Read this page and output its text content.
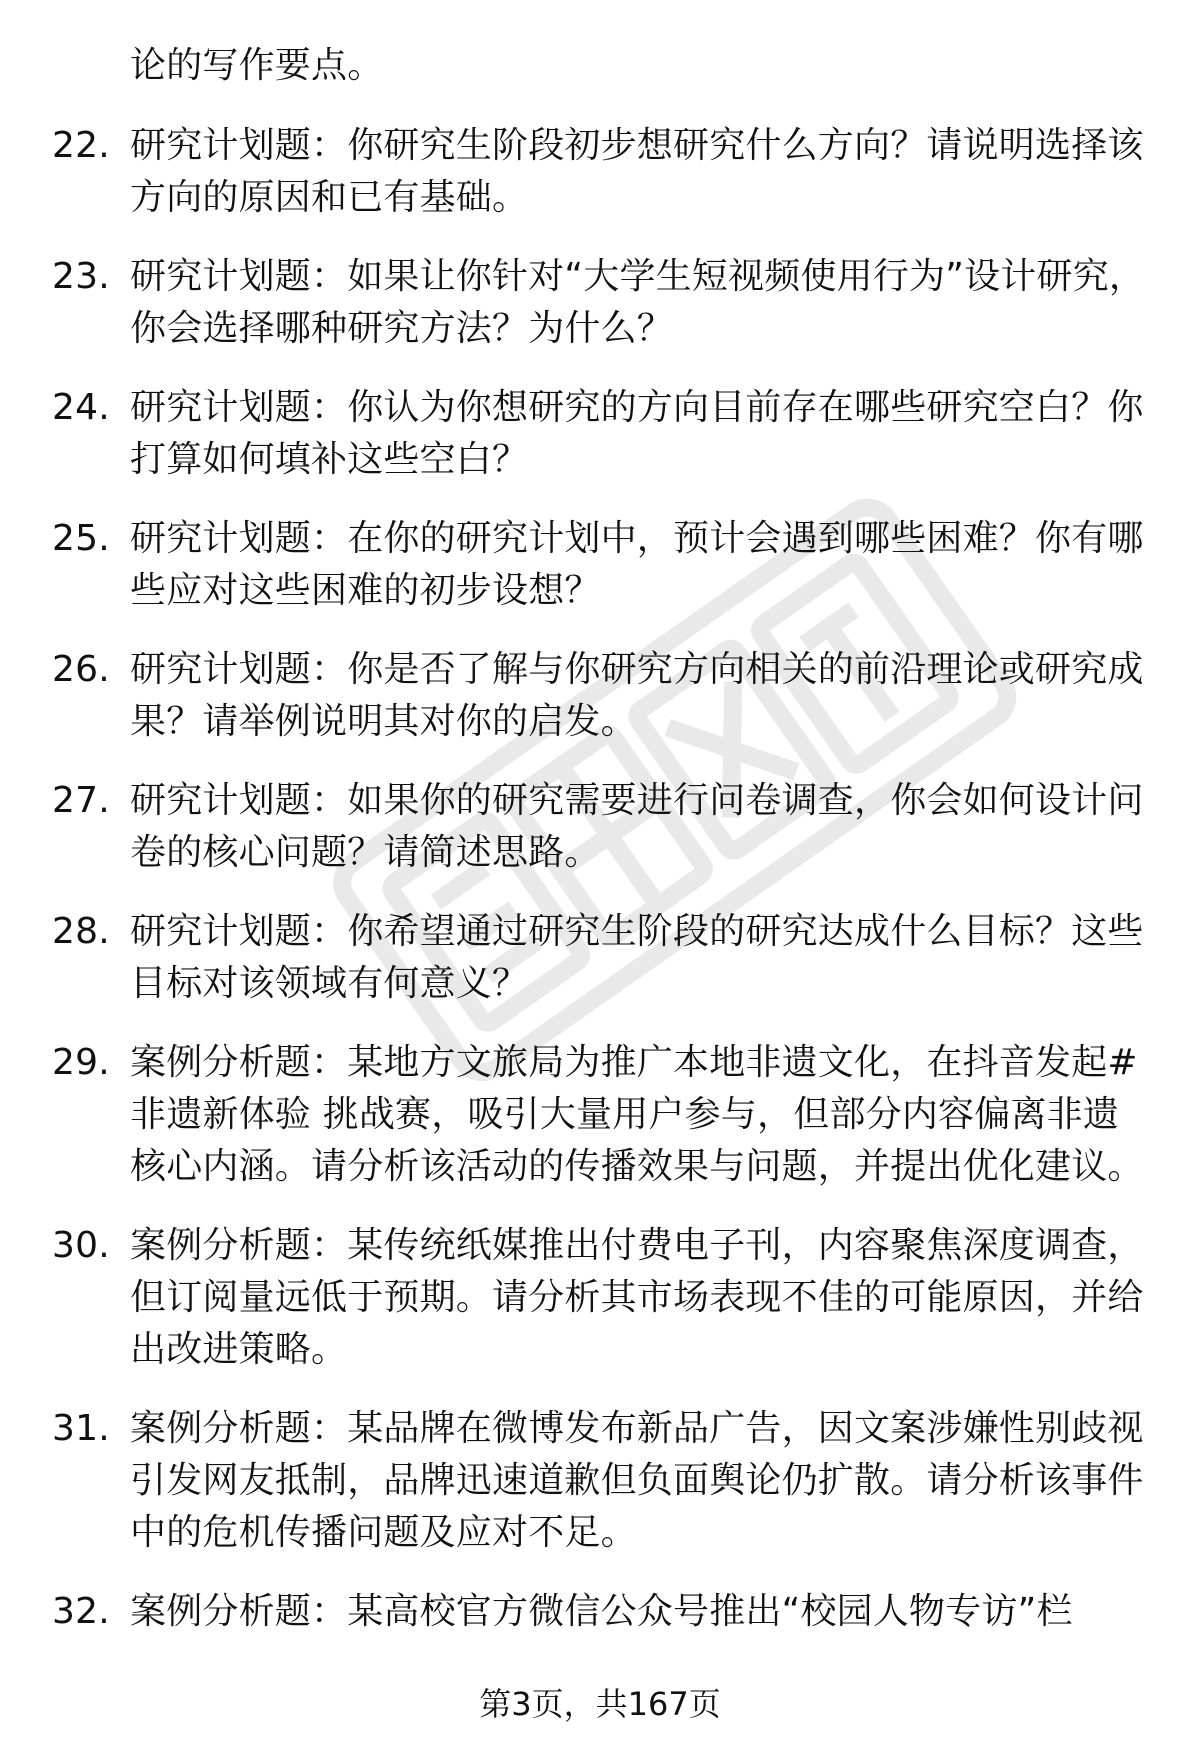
论的写作要点。
22. 研究计划题：你研究生阶段初步想研究什么方向？请说明选择该方向的原因和已有基础。
23. 研究计划题：如果让你针对“大学生短视频使用行为”设计研究，你会选择哪种研究方法？为什么？
24. 研究计划题：你认为你想研究的方向目前存在哪些研究空白？你打算如何填补这些空白？
25. 研究计划题：在你的研究计划中，预计会遇到哪些困难？你有哪些应对这些困难的初步设想？
26. 研究计划题：你是否了解与你研究方向相关的前沿理论或研究成果？请举例说明其对你的启发。
27. 研究计划题：如果你的研究需要进行问卷调查，你会如何设计问卷的核心问题？请简述思路。
28. 研究计划题：你希望通过研究生阶段的研究达成什么目标？这些目标对该领域有何意义？
29. 案例分析题：某地方文旅局为推广本地非遗文化，在抖音发起#非遗新体验 挑战赛，吸引大量用户参与，但部分内容偏离非遗核心内涵。请分析该活动的传播效果与问题，并提出优化建议。
30. 案例分析题：某传统纸媒推出付费电子刊，内容聚焦深度调查，但订阅量远低于预期。请分析其市场表现不佳的可能原因，并给出改进策略。
31. 案例分析题：某品牌在微博发布新品广告，因文案涉嫌性别歧视引发网友抵制，品牌迅速道歉但负面舆论仍扩散。请分析该事件中的危机传播问题及应对不足。
32. 案例分析题：某高校官方微信公众号推出“校园人物专访”栏
第3页，共167页
